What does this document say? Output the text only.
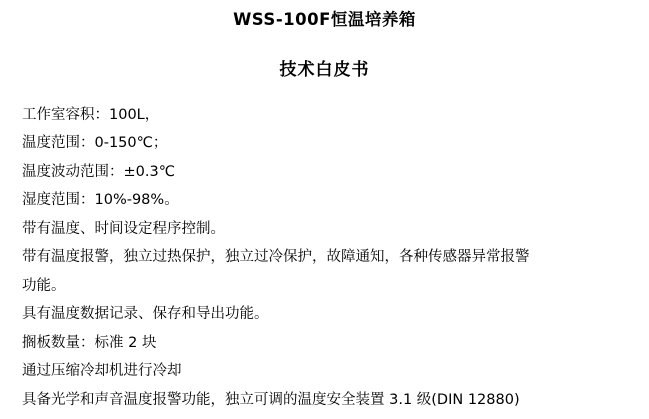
WSS-100F恒温培养箱
技术白皮书
工作室容积：100L，
温度范围：0-150℃；
温度波动范围：±0.3℃
湿度范围：10%-98%。
带有温度、时间设定程序控制。
带有温度报警，独立过热保护，独立过冷保护，故障通知，各种传感器异常报警
功能。
具有温度数据记录、保存和导出功能。
搁板数量：标准 2 块
通过压缩冷却机进行冷却
具备光学和声音温度报警功能，独立可调的温度安全装置 3.1 级(DIN 12880)
